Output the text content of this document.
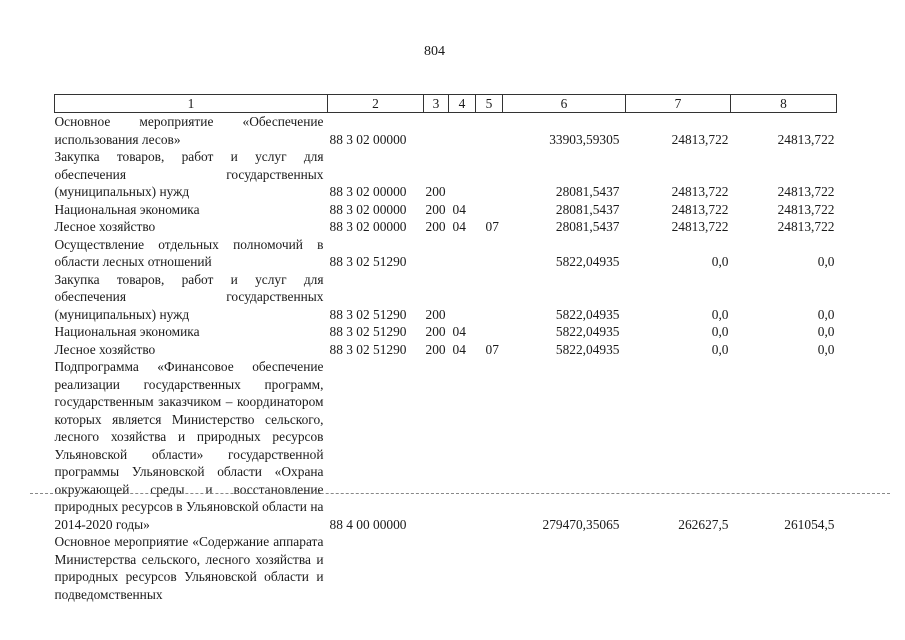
804
1	2	3	4	5	6	7	8
Основное мероприятие «Обеспечение использования лесов»	88 3 02 00000				33903,59305	24813,722	24813,722
Закупка товаров, работ и услуг для обеспечения государственных (муниципальных) нужд	88 3 02 00000	200			28081,5437	24813,722	24813,722
Национальная экономика	88 3 02 00000	200	04		28081,5437	24813,722	24813,722
Лесное хозяйство	88 3 02 00000	200	04	07	28081,5437	24813,722	24813,722
Осуществление отдельных полномочий в области лесных отношений	88 3 02 51290				5822,04935	0,0	0,0
Закупка товаров, работ и услуг для обеспечения государственных (муниципальных) нужд	88 3 02 51290	200			5822,04935	0,0	0,0
Национальная экономика	88 3 02 51290	200	04		5822,04935	0,0	0,0
Лесное хозяйство	88 3 02 51290	200	04	07	5822,04935	0,0	0,0
Подпрограмма «Финансовое обеспечение реализации государственных программ, государственным заказчиком – координатором которых является Министерство сельского, лесного хозяйства и природных ресурсов Ульяновской области» государственной программы Ульяновской области «Охрана окружающей среды и восстановление природных ресурсов в Ульяновской области на 2014-2020 годы»	88 4 00 00000				279470,35065	262627,5	261054,5
Основное мероприятие «Содержание аппарата Министерства сельского, лесного хозяйства и природных ресурсов Ульяновской области и подведомственных							
